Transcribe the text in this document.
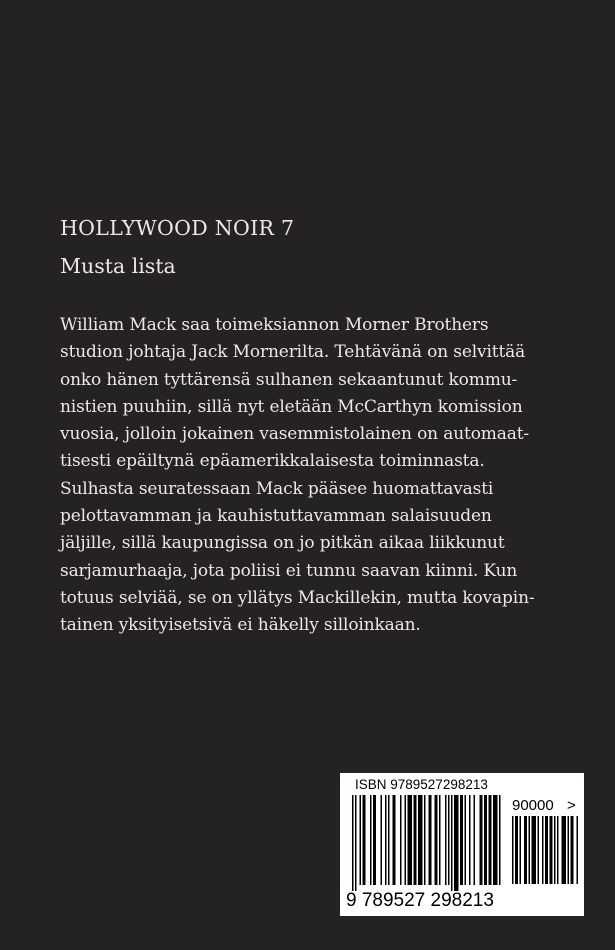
HOLLYWOOD NOIR 7
Musta lista
William Mack saa toimeksiannon Morner Brothers
studion johtaja Jack Mornerilta. Tehtävänä on selvittää
onko hänen tyttärensä sulhanen sekaantunut kommu-
nistien puuhiin, sillä nyt eletään McCarthyn komission
vuosia, jolloin jokainen vasemmistolainen on automaat-
tisesti epäiltynä epäamerikkalaisesta toiminnasta.
Sulhasta seuratessaan Mack pääsee huomattavasti
pelottavamman ja kauhistuttavamman salaisuuden
jäljille, sillä kaupungissa on jo pitkän aikaa liikkunut
sarjamurhaaja, jota poliisi ei tunnu saavan kiinni. Kun
totuus selviää, se on yllätys Mackillekin, mutta kovapin-
tainen yksityisetsivä ei häkelly silloinkaan.
ISBN 9789527298213
90000 >
9 789527 298213
